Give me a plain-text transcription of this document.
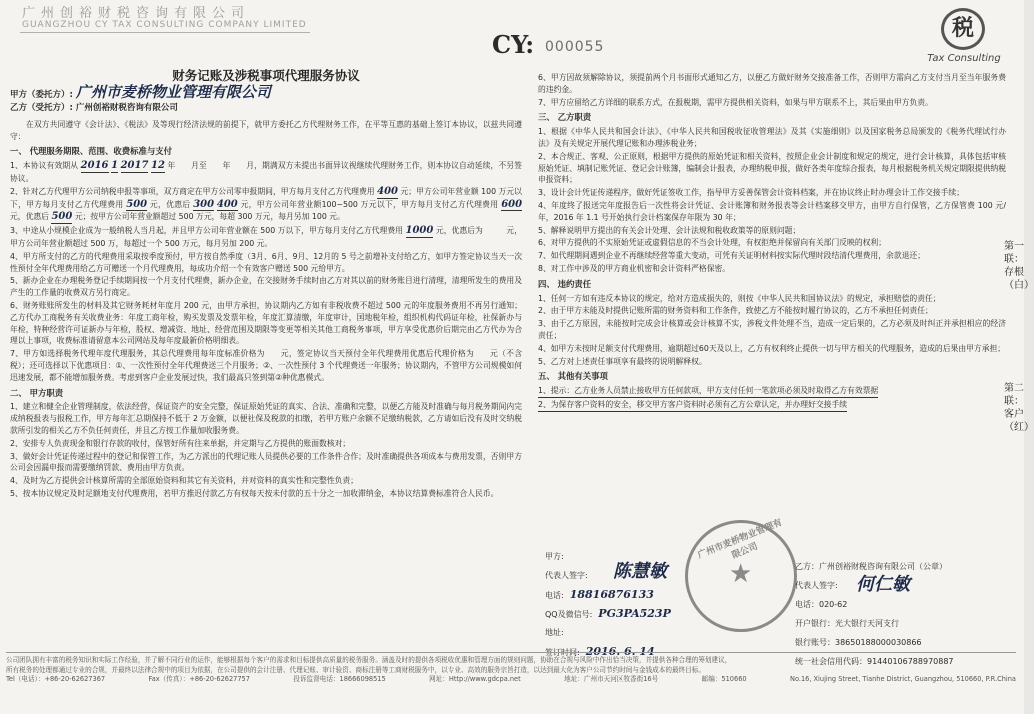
广州创裕财税咨询有限公司
GUANGZHOU CY TAX CONSULTING COMPANY LIMITED
CY: 000055
税
Tax Consulting
财务记账及涉税事项代理服务协议
甲方（委托方）: 广州市麦桥物业管理有限公司
乙方（受托方）: 广州创裕财税咨询有限公司
在双方共同遵守《会计法》、《税法》及等现行经济法规的前提下，就甲方委托乙方代理财务工作，在平等互惠的基础上签订本协议，以兹共同遵守：
一、 代理服务期限、范围、收费标准与支付
1、本协议有效期从 2016 1 2017 12 年　　月至　　年　　月，期满双方未提出书面异议视继续代理财务工作，则本协议自动延续，不另签协议。
2、针对乙方代理甲方公司纳税申报等事项，双方商定在甲方公司零申报期间，甲方每月支付乙方代理费用 400 元；甲方公司年营业额 100 万元以下，甲方每月支付乙方代理费用 500 元，优惠后 300 400 元，甲方公司年营业额100~500 万元以下，甲方每月支付乙方代理费用 600 元，优惠后 500 元；按甲方公司年营业额超过 500 万元，每超 300 万元，每月另加 100 元。
3、中途从小规模企业成为一般纳税人当月起，并且甲方公司年营业额在 500 万以下，甲方每月支付乙方代理费用 1000 元，优惠后为　　　元，甲方公司年营业额超过 500 万，每超过一个 500 万元，每月另加 200 元。
4、甲方所支付的乙方的代理费用采取按季度预付，甲方按自然季度（3月、6月、9月、12月的 5 号之前增补支付给乙方，如甲方签定协议当天一次性预付全年代理费用给乙方可赠送一个月代理费用，每成功介绍一个有效客户赠送 500 元给甲方。
5、新办企业在办理税务登记手续期间按一个月支付代理费，新办企业，在交接财务手续时由乙方对其以前的财务账目进行清理，清理所发生的费用及产生的工作量的收费双方另行商定。
6、财务账账所发生的材料及其它财务耗材年度月 200 元，由甲方承担，协议期内乙方如有非税收费不超过 500 元的年度服务费用不再另行通知；乙方代办工商税务有关收费业务：年度工商年检，购买发票及发票年检，年度汇算清缴，年度审计，国地税年检，组织机构代码证年检，社保新办与年检，特种经营许可证新办与年检，股权、增减资、地址、经营范围及期限等变更等相关其他工商税务事项，甲方享受优惠价后期完由乙方代办为合理以上事项，收费标准请留意本公司网站及每年度最新价格明细表。
7、甲方如选择税务代理年度代理服务，其总代理费用每年度标准价格为　　元，签定协议当天预付全年代理费用优惠后代理价格为　　元（不含税）；还可选择以下优惠项目：①、一次性预付全年代理费送三个月服务；②、一次性预付 3 个代理费送一年服务；协议期内，不管甲方公司规模如何迅速发展，都不能增加服务费。考虑到客户企业发展过快，我们最高只签到第②种优惠模式。
二、 甲方职责
1、建立和健全企业管理制度，依法经营，保证资产的安全完整，保证原始凭证的真实、合法、准确和完整，以便乙方能及时准确与每月税务期间内完成纳税报表与报税工作，甲方每年汇总期保持不低于 2 万金额，以便社保及税款的扣缴，若甲方账户余额不足缴纳税款，乙方请如后没有及时交纳税款所引发的相关乙方不负任何责任，并且乙方按工作量加收服务费。
2、安排专人负责现金和银行存款的收付，保管好所有往来单据，并定期与乙方提供的账面数核对；
3、做好会计凭证传递过程中的登记和保管工作，为乙方派出的代理记账人员提供必要的工作条件合作；及时准确提供各项成本与费用发票，否则甲方公司会因漏申报而需要缴纳罚款、费用由甲方负责。
4、及时为乙方提供会计核算所需的全部原始资料和其它有关资料，并对资料的真实性和完整性负责；
5、按本协议规定及时足额地支付代理费用，若甲方推迟付款乙方有权每天按未付款的五十分之一加收滞纳金，本协议结算费标准符合人民币。
6、甲方因故须解除协议，须提前两个月书面形式通知乙方，以便乙方做好财务交接准备工作，否则甲方需向乙方支付当月至当年服务费的违约金。
7、甲方应留给乙方详细的联系方式，在报税期，需甲方提供相关资料，如果与甲方联系不上，其后果由甲方负责。
三、 乙方职责
1、根据《中华人民共和国会计法》、《中华人民共和国税收征收管理法》及其《实施细则》以及国家税务总局颁发的《税务代理试行办法》及有关规定开展代理记账和办理涉税业务；
2、本合规正、客观、公正原则，根据甲方提供的原始凭证和相关资料，按照企业会计制度和规定的规定，进行会计核算，具体包括审核原始凭证、填制记账凭证、登记会计账簿，编制会计报表，办理纳税申报，做好各类年度综合报表，每月根据税务机关规定期限提供纳税申报资料；
3、设计会计凭证传递程序，做好凭证签收工作，指导甲方妥善保管会计资料档案，并在协议终止时办理会计工作交接手续；
4、年度终了报送完年度报告后一次性将会计凭证、会计账簿和财务报表等会计档案移交甲方，由甲方自行保管，乙方保管费 100 元/年，2016 年 1.1 号开始执行会计档案保存年限为 30 年；
5、解释说明甲方提出的有关会计处理、会计法规和税收政策等的原则问题；
6、对甲方提供的不实原始凭证或虚假信息的不当会计处理，有权拒绝并保留向有关部门反映的权利；
7、如代理期间遇到企业不再继续经营等重大变动，可凭有关证明材料按实际代理时段结清代理费用，余款退还；
8、对工作中涉及的甲方商业机密和会计资料严格保密。
四、 违约责任
1、任何一方如有违反本协议的规定，给对方造成损失的，则按《中华人民共和国协议法》的规定，承担赔偿的责任；
2、由于甲方未能及时提供记账所需的财务资料和工作条件，致使乙方不能按时履行协议的，乙方不承担任何责任；
3、由于乙方原因，未能按时完成会计核算或会计核算不实，涉税文件处理不当，造成一定后果的，乙方必须及时纠正并承担相应的经济责任；
4、如甲方未按时足额支付代理费用，逾期超过60天及以上，乙方有权利终止提供一切与甲方相关的代理服务，造成的后果由甲方承担；
5、乙方对上述责任事项享有最终的说明解释权。
五、 其他有关事项
1、提示：乙方业务人员禁止接收甲方任何款项，甲方支付任何一笔款项必须及时取得乙方有效票据
2、为保存客户资料的安全，移交甲方客户资料时必须有乙方公章认定，并办理好交接手续
第一联：存根（白）
第二联：客户（红）
广州市麦桥物业管理有限公司
★
甲方:
代表人签字:
电话: 18816876133
QQ及微信号: PG3PA523P
地址:
签订时间: 2016. 6. 14
陈慧敏	乙方：广州创裕财税咨询有限公司（公章）
代表人签字:
电话：020-62
开户银行：光大银行天河支行
银行账号：38650188000030866
统一社会信用代码：91440106788970887
何仁敏
公司团队拥有丰富的税务知识和实际工作经验，并了解不同行业的运作，能够根据每个客户的需求和目标提供高质量的税务服务。涵盖及时的提供各项税收优惠和管理方面的规则问题，协助在合规与风险中作出恰当决策，并提供各种合理的筹划建议，
所有税务的处理都通过专业的合规，并最终以法律合规中的项目为依据，在公司提供的会计注册、代理记账、审计验资、商标注册等工商财税服务中，以专业、高效的服务宗旨打造，以达到最大化为客户公司节约时间与金钱成本的最终目标。
Tel（电话）：+86-20-62627367	Fax（传真）：+86-20-62627757	投诉监督电话：18666098515	网址：Http://www.gdcpa.net	地址：广州市天河区牧香街16号	邮编：510660	No.16, Xiujing Street, Tianhe District, Guangzhou, 510660, P.R.China
